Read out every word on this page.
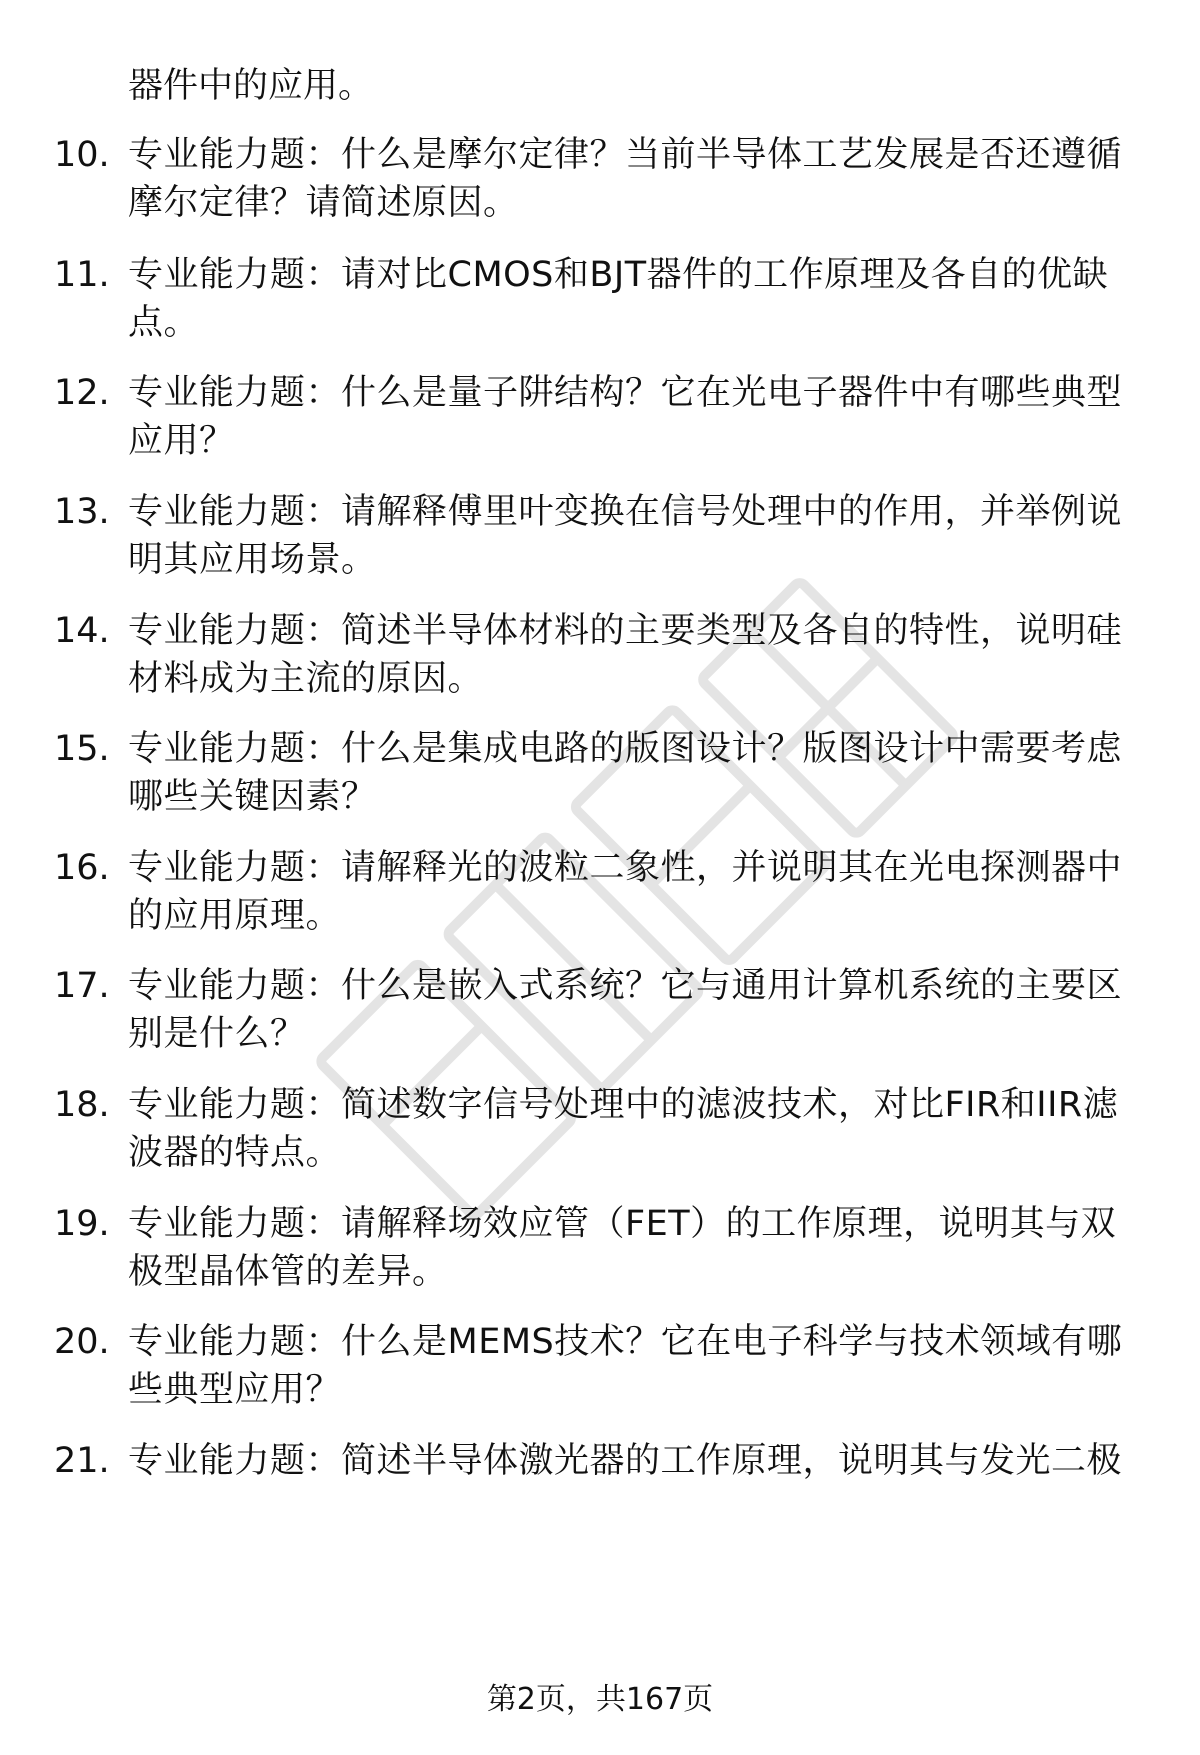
器件中的应用。
10. 专业能力题：什么是摩尔定律？当前半导体工艺发展是否还遵循摩尔定律？请简述原因。
11. 专业能力题：请对比CMOS和BJT器件的工作原理及各自的优缺点。
12. 专业能力题：什么是量子阱结构？它在光电子器件中有哪些典型应用？
13. 专业能力题：请解释傅里叶变换在信号处理中的作用，并举例说明其应用场景。
14. 专业能力题：简述半导体材料的主要类型及各自的特性，说明硅材料成为主流的原因。
15. 专业能力题：什么是集成电路的版图设计？版图设计中需要考虑哪些关键因素？
16. 专业能力题：请解释光的波粒二象性，并说明其在光电探测器中的应用原理。
17. 专业能力题：什么是嵌入式系统？它与通用计算机系统的主要区别是什么？
18. 专业能力题：简述数字信号处理中的滤波技术，对比FIR和IIR滤波器的特点。
19. 专业能力题：请解释场效应管（FET）的工作原理，说明其与双极型晶体管的差异。
20. 专业能力题：什么是MEMS技术？它在电子科学与技术领域有哪些典型应用？
21. 专业能力题：简述半导体激光器的工作原理，说明其与发光二极
第2页，共167页
